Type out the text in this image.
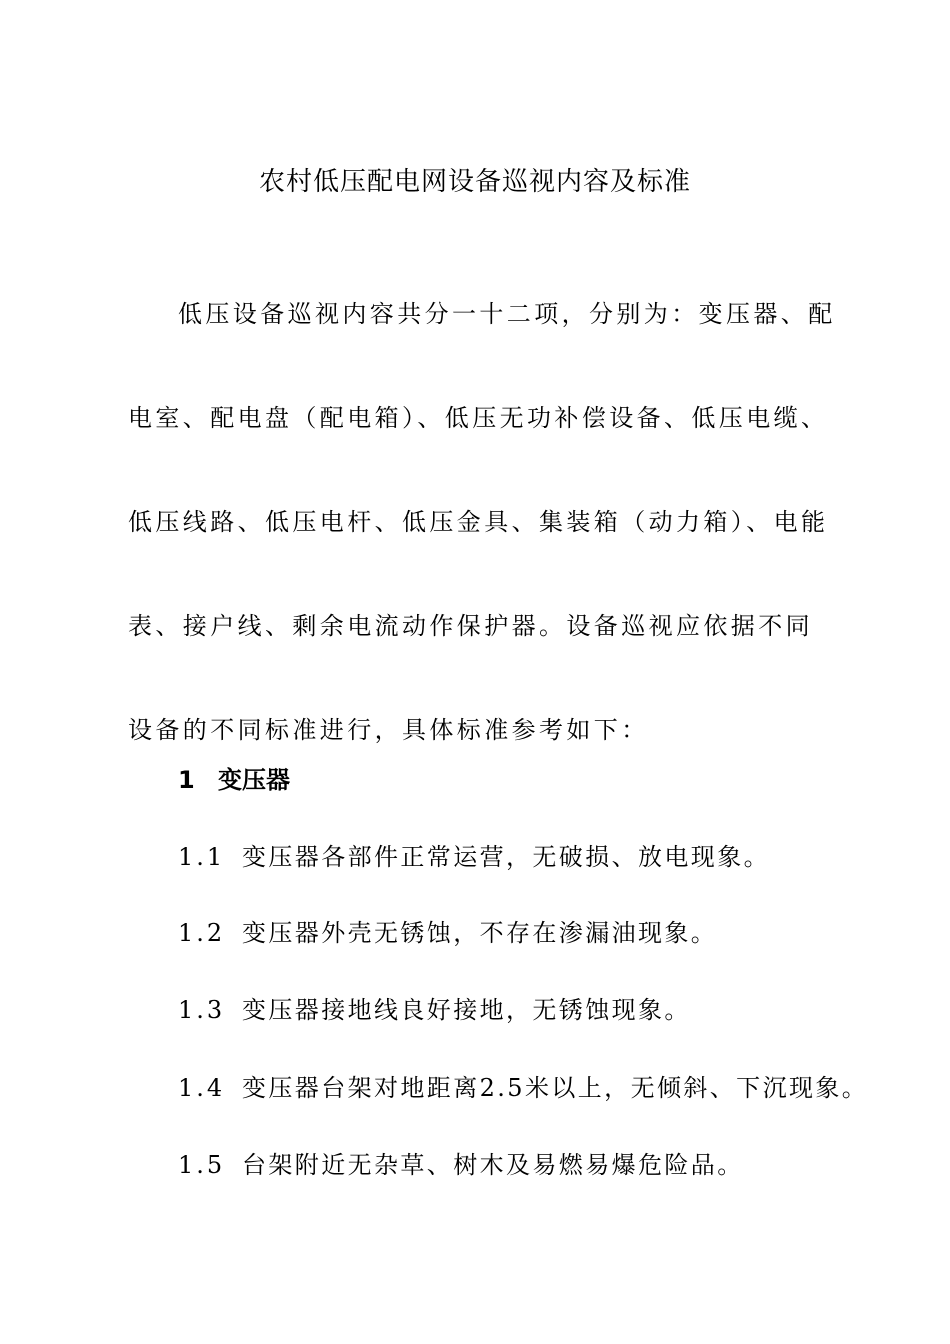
农村低压配电网设备巡视内容及标准

低压设备巡视内容共分一十二项，分别为：变压器、配电室、配电盘（配电箱）、低压无功补偿设备、低压电缆、低压线路、低压电杆、低压金具、集装箱（动力箱）、电能表、接户线、剩余电流动作保护器。设备巡视应依据不同设备的不同标准进行，具体标准参考如下：

1 变压器
1.1 变压器各部件正常运营，无破损、放电现象。
1.2 变压器外壳无锈蚀，不存在渗漏油现象。
1.3 变压器接地线良好接地，无锈蚀现象。
1.4 变压器台架对地距离2.5米以上，无倾斜、下沉现象。
1.5 台架附近无杂草、树木及易燃易爆危险品。
